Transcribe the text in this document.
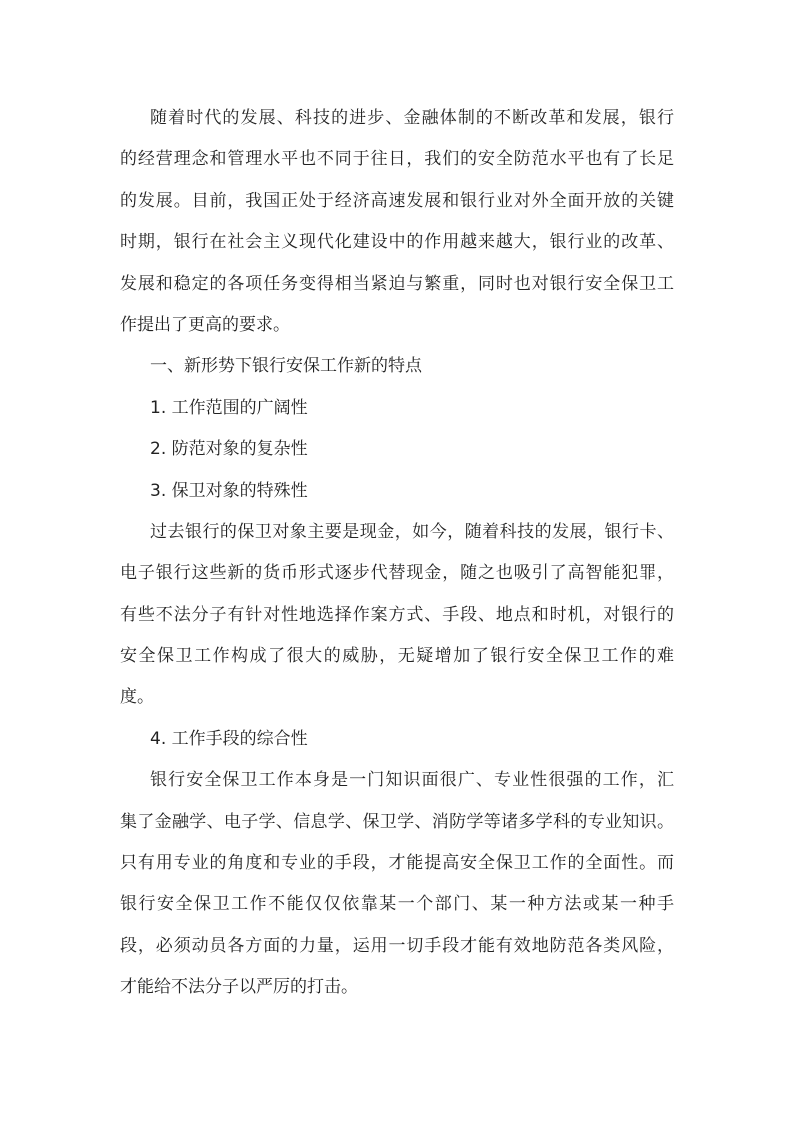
随着时代的发展、科技的进步、金融体制的不断改革和发展，银行
的经营理念和管理水平也不同于往日，我们的安全防范水平也有了长足
的发展。目前，我国正处于经济高速发展和银行业对外全面开放的关键
时期，银行在社会主义现代化建设中的作用越来越大，银行业的改革、
发展和稳定的各项任务变得相当紧迫与繁重，同时也对银行安全保卫工
作提出了更高的要求。
一、新形势下银行安保工作新的特点
1. 工作范围的广阔性
2. 防范对象的复杂性
3. 保卫对象的特殊性
过去银行的保卫对象主要是现金，如今，随着科技的发展，银行卡、
电子银行这些新的货币形式逐步代替现金，随之也吸引了高智能犯罪，
有些不法分子有针对性地选择作案方式、手段、地点和时机，对银行的
安全保卫工作构成了很大的威胁，无疑增加了银行安全保卫工作的难
度。
4. 工作手段的综合性
银行安全保卫工作本身是一门知识面很广、专业性很强的工作，汇
集了金融学、电子学、信息学、保卫学、消防学等诸多学科的专业知识。
只有用专业的角度和专业的手段，才能提高安全保卫工作的全面性。而
银行安全保卫工作不能仅仅依靠某一个部门、某一种方法或某一种手
段，必须动员各方面的力量，运用一切手段才能有效地防范各类风险，
才能给不法分子以严厉的打击。
